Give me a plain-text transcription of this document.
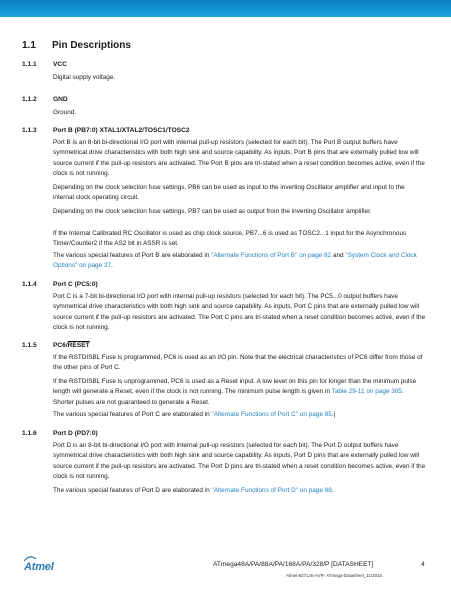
1.1 Pin Descriptions
1.1.1 VCC
Digital supply voltage.
1.1.2 GND
Ground.
1.1.3 Port B (PB7:0) XTAL1/XTAL2/TOSC1/TOSC2
Port B is an 8-bit bi-directional I/O port with internal pull-up resistors (selected for each bit). The Port B output buffers have symmetrical drive characteristics with both high sink and source capability. As inputs, Port B pins that are externally pulled low will source current if the pull-up resistors are activated. The Port B pins are tri-stated when a reset condition becomes active, even if the clock is not running.
Depending on the clock selection fuse settings, PB6 can be used as input to the inverting Oscillator amplifier and input to the internal clock operating circuit.
Depending on the clock selection fuse settings, PB7 can be used as output from the inverting Oscillator amplifier.
If the Internal Calibrated RC Oscillator is used as chip clock source, PB7...6 is used as TOSC2...1 input for the Asynchronous Timer/Counter2 if the AS2 bit in ASSR is set.
The various special features of Port B are elaborated in "Alternate Functions of Port B" on page 82 and "System Clock and Clock Options" on page 27.
1.1.4 Port C (PC5:0)
Port C is a 7-bit bi-directional I/O port with internal pull-up resistors (selected for each bit). The PC5...0 output buffers have symmetrical drive characteristics with both high sink and source capability. As inputs, Port C pins that are externally pulled low will source current if the pull-up resistors are activated. The Port C pins are tri-stated when a reset condition becomes active, even if the clock is not running.
1.1.5 PC6/RESET
If the RSTDISBL Fuse is programmed, PC6 is used as an I/O pin. Note that the electrical characteristics of PC6 differ from those of the other pins of Port C.
If the RSTDISBL Fuse is unprogrammed, PC6 is used as a Reset input. A low level on this pin for longer than the minimum pulse length will generate a Reset, even if the clock is not running. The minimum pulse length is given in Table 29-11 on page 305. Shorter pulses are not guaranteed to generate a Reset.
The various special features of Port C are elaborated in "Alternate Functions of Port C" on page 85.|
1.1.6 Port D (PD7:0)
Port D is an 8-bit bi-directional I/O port with internal pull-up resistors (selected for each bit). The Port D output buffers have symmetrical drive characteristics with both high sink and source capability. As inputs, Port D pins that are externally pulled low will source current if the pull-up resistors are activated. The Port D pins are tri-stated when a reset condition becomes active, even if the clock is not running.
The various special features of Port D are elaborated in "Alternate Functions of Port D" on page 88.
Atmel	ATmega48A/PA/88A/PA/168A/PA/328/P [DATASHEET]	4
Atmel-8271JS-AVR- ATmega-Datasheet_11/2015
